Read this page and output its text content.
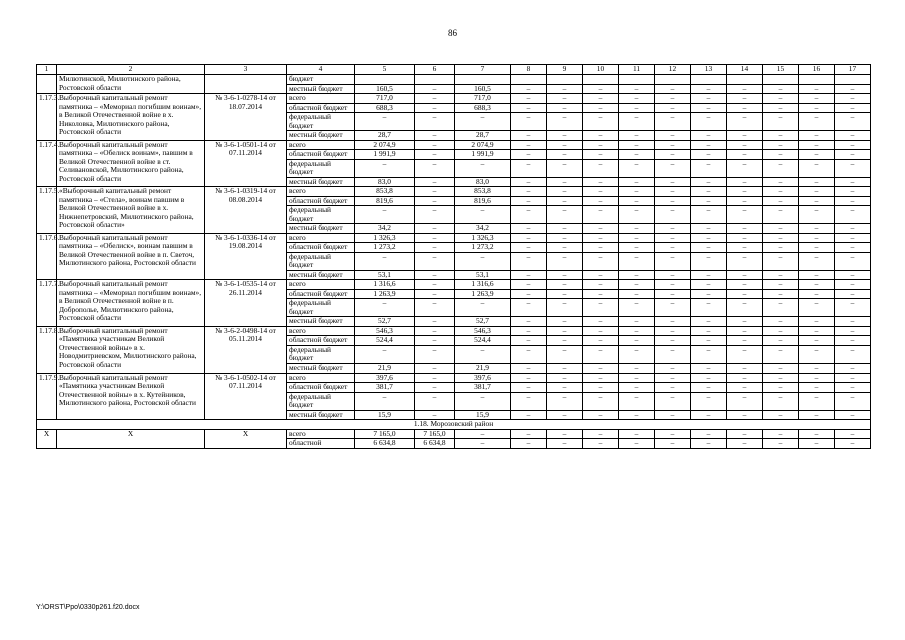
86
1	2	3	4	5	6	7	8	9	10	11	12	13	14	15	16	17
	Милютинской, Милютинского района, Ростовской области		бюджет													
			местный бюджет	160,5	–	160,5	–	–	–	–	–	–	–	–	–	–
1.17.3.	Выборочный капитальный ремонт памятника – «Мемориал погибшим воинам», в Великой Отечественной войне в х. Николовка, Милютинского района, Ростовской области	№ 3-6-1-0278-14 от 18.07.2014	всего	717,0	–	717,0	–	–	–	–	–	–	–	–	–	–
			областной бюджет	688,3	–	688,3	–	–	–	–	–	–	–	–	–	–
			федеральный бюджет	–	–	–	–	–	–	–	–	–	–	–	–	–
			местный бюджет	28,7	–	28,7	–	–	–	–	–	–	–	–	–	–
1.17.4.	Выборочный капитальный ремонт памятника – «Обелиск воинам», павшим в Великой Отечественной войне в ст. Селивановской, Милютинского района, Ростовской области	№ 3-6-1-0501-14 от 07.11.2014	всего	2 074,9	–	2 074,9	–	–	–	–	–	–	–	–	–	–
			областной бюджет	1 991,9	–	1 991,9	–	–	–	–	–	–	–	–	–	–
			федеральный бюджет	–	–	–	–	–	–	–	–	–	–	–	–	–
			местный бюджет	83,0	–	83,0	–	–	–	–	–	–	–	–	–	–
1.17.5.	«Выборочный капитальный ремонт памятника – «Стела», воинам павшим в Великой Отечественной войне в х. Нижнепетровский, Милютинского района, Ростовской области»	№ 3-6-1-0319-14 от 08.08.2014	всего	853,8	–	853,8	–	–	–	–	–	–	–	–	–	–
			областной бюджет	819,6	–	819,6	–	–	–	–	–	–	–	–	–	–
			федеральный бюджет	–	–	–	–	–	–	–	–	–	–	–	–	–
			местный бюджет	34,2	–	34,2	–	–	–	–	–	–	–	–	–	–
1.17.6.	Выборочный капитальный ремонт памятника – «Обелиск», воинам павшим в Великой Отечественной войне в п. Светоч, Милютинского района, Ростовской области	№ 3-6-1-0336-14 от 19.08.2014	всего	1 326,3	–	1 326,3	–	–	–	–	–	–	–	–	–	–
			областной бюджет	1 273,2	–	1 273,2	–	–	–	–	–	–	–	–	–	–
			федеральный бюджет	–	–	–	–	–	–	–	–	–	–	–	–	–
			местный бюджет	53,1	–	53,1	–	–	–	–	–	–	–	–	–	–
1.17.7.	Выборочный капитальный ремонт памятника – «Мемориал погибшим воинам», в Великой Отечественной войне в п. Доброполье, Милютинского района, Ростовской области	№ 3-6-1-0535-14 от 26.11.2014	всего	1 316,6	–	1 316,6	–	–	–	–	–	–	–	–	–	–
			областной бюджет	1 263,9	–	1 263,9	–	–	–	–	–	–	–	–	–	–
			федеральный бюджет	–	–	–	–	–	–	–	–	–	–	–	–	–
			местный бюджет	52,7	–	52,7	–	–	–	–	–	–	–	–	–	–
1.17.8.	Выборочный капитальный ремонт «Памятника участникам Великой Отечественной войны» в х. Новодмитриевском, Милютинского района, Ростовской области	№ 3-6-2-0498-14 от 05.11.2014	всего	546,3	–	546,3	–	–	–	–	–	–	–	–	–	–
			областной бюджет	524,4	–	524,4	–	–	–	–	–	–	–	–	–	–
			федеральный бюджет	–	–	–	–	–	–	–	–	–	–	–	–	–
			местный бюджет	21,9	–	21,9	–	–	–	–	–	–	–	–	–	–
1.17.9.	Выборочный капитальный ремонт «Памятника участникам Великой Отечественной войны» в х. Кутейников, Милютинского района, Ростовской области	№ 3-6-1-0502-14 от 07.11.2014	всего	397,6	–	397,6	–	–	–	–	–	–	–	–	–	–
			областной бюджет	381,7	–	381,7	–	–	–	–	–	–	–	–	–	–
			федеральный бюджет	–	–	–	–	–	–	–	–	–	–	–	–	–
			местный бюджет	15,9	–	15,9	–	–	–	–	–	–	–	–	–	–
1.18. Морозовский район																
X	X	X	всего	7 165,0	7 165,0	–	–	–	–	–	–	–	–	–	–	–
			областной	6 634,8	6 634,8	–	–	–	–	–	–	–	–	–	–	–
Y:\ORST\Ppo\0330p261.f20.docx
